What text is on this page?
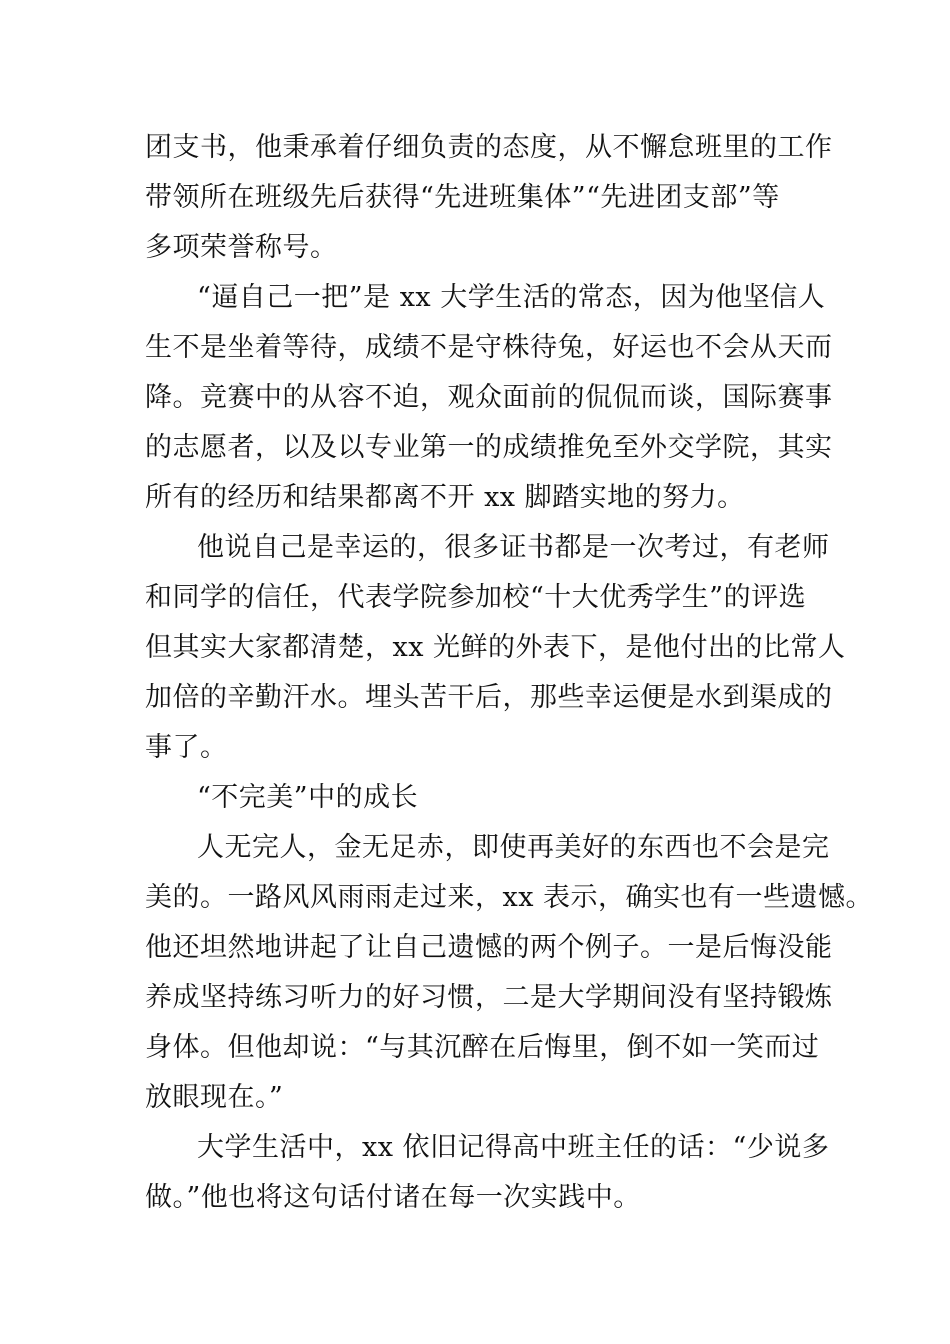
团支书，他秉承着仔细负责的态度，从不懈怠班里的工作
带领所在班级先后获得“先进班集体”“先进团支部”等
多项荣誉称号。
“逼自己一把”是 xx 大学生活的常态，因为他坚信人
生不是坐着等待，成绩不是守株待兔，好运也不会从天而
降。竞赛中的从容不迫，观众面前的侃侃而谈，国际赛事
的志愿者，以及以专业第一的成绩推免至外交学院，其实
所有的经历和结果都离不开 xx 脚踏实地的努力。
他说自己是幸运的，很多证书都是一次考过，有老师
和同学的信任，代表学院参加校“十大优秀学生”的评选
但其实大家都清楚，xx 光鲜的外表下，是他付出的比常人
加倍的辛勤汗水。埋头苦干后，那些幸运便是水到渠成的
事了。
“不完美”中的成长
人无完人，金无足赤，即使再美好的东西也不会是完
美的。一路风风雨雨走过来，xx 表示，确实也有一些遗憾。
他还坦然地讲起了让自己遗憾的两个例子。一是后悔没能
养成坚持练习听力的好习惯，二是大学期间没有坚持锻炼
身体。但他却说：“与其沉醉在后悔里，倒不如一笑而过
放眼现在。”
大学生活中，xx 依旧记得高中班主任的话：“少说多
做。”他也将这句话付诸在每一次实践中。
